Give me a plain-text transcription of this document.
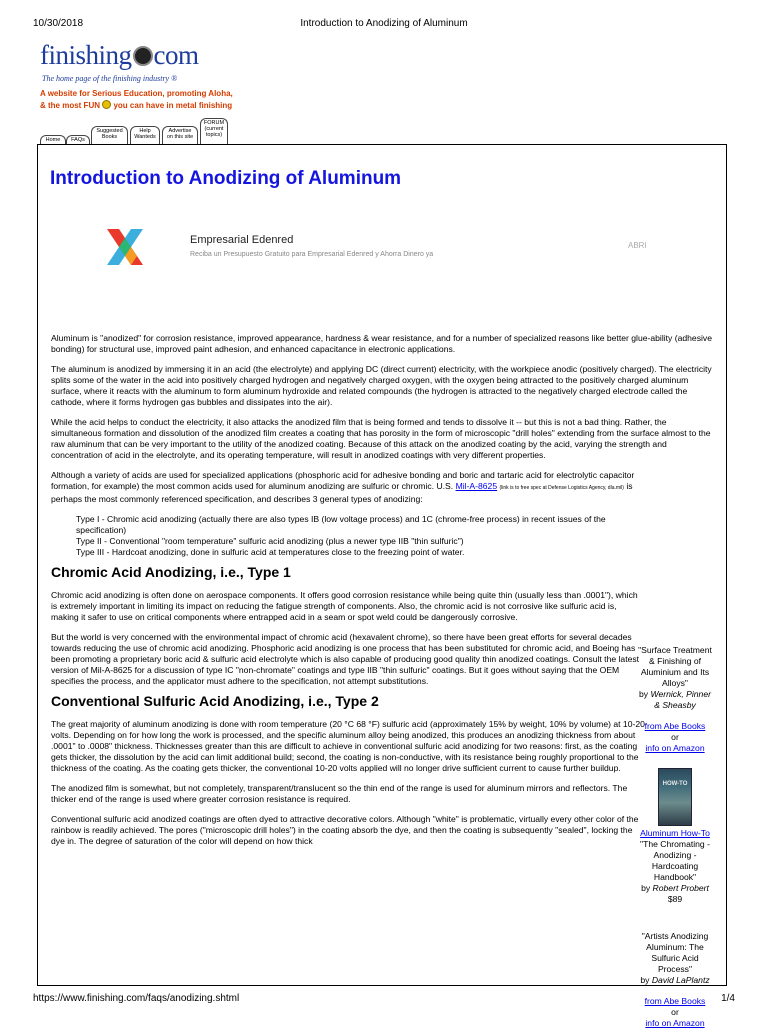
10/30/2018	Introduction to Anodizing of Aluminum
finishing com
The home page of the finishing industry ®
A website for Serious Education, promoting Aloha,
& the most FUN you can have in metal finishing
Home	FAQs
Suggested Books
Help Wanteds
Advertise on this site
FORUM (current topics)
Introduction to Anodizing of Aluminum
Empresarial Edenred
Reciba un Presupuesto Gratuito para Empresarial Edenred y Ahorra Dinero ya
ABRI

Aluminum is "anodized" for corrosion resistance, improved appearance, hardness & wear resistance, and for a number of specialized reasons like better glue-ability (adhesive bonding) for structural use, improved paint adhesion, and enhanced capacitance in electronic applications.

The aluminum is anodized by immersing it in an acid (the electrolyte) and applying DC (direct current) electricity, with the workpiece anodic (positively charged). The electricity splits some of the water in the acid into positively charged hydrogen and negatively charged oxygen, with the oxygen being attracted to the positively charged aluminum surface, where it reacts with the aluminum to form aluminum hydroxide and related compounds (the hydrogen is attracted to the negatively charged electrode called the cathode, where it forms hydrogen gas bubbles and dissipates into the air).

While the acid helps to conduct the electricity, it also attacks the anodized film that is being formed and tends to dissolve it -- but this is not a bad thing. Rather, the simultaneous formation and dissolution of the anodized film creates a coating that has porosity in the form of microscopic "drill holes" extending from the surface almost to the raw aluminum that can be very important to the utility of the anodized coating. Because of this attack on the anodized coating by the acid, varying the strength and concentration of acid in the electrolyte, and its operating temperature, will result in anodized coatings with very different properties.

Although a variety of acids are used for specialized applications (phosphoric acid for adhesive bonding and boric and tartaric acid for electrolytic capacitor formation, for example) the most common acids used for aluminum anodizing are sulfuric or chromic. U.S. Mil-A-8625 (link is to free spec at Defense Logistics Agency, dla.mil) is perhaps the most commonly referenced specification, and describes 3 general types of anodizing:

Type I - Chromic acid anodizing (actually there are also types IB (low voltage process) and 1C (chrome-free process) in recent issues of the specification)
Type II - Conventional "room temperature" sulfuric acid anodizing (plus a newer type IIB "thin sulfuric")
Type III - Hardcoat anodizing, done in sulfuric acid at temperatures close to the freezing point of water.
Chromic Acid Anodizing, i.e., Type 1

Chromic acid anodizing is often done on aerospace components. It offers good corrosion resistance while being quite thin (usually less than .0001"), which is extremely important in limiting its impact on reducing the fatigue strength of components. Also, the chromic acid is not corrosive like sulfuric acid is, making it safer to use on critical components where entrapped acid in a seam or spot weld could be dangerously corrosive.

But the world is very concerned with the environmental impact of chromic acid (hexavalent chrome), so there have been great efforts for several decades towards reducing the use of chromic acid anodizing. Phosphoric acid anodizing is one process that has been substituted for chromic acid, and Boeing has been promoting a proprietary boric acid & sulfuric acid electrolyte which is also capable of producing good quality thin anodized coatings. Consult the latest version of Mil-A-8625 for a discussion of type IC "non-chromate" coatings and type IIB "thin sulfuric" coatings. But it goes without saying that the OEM specifies the process, and the applicator must adhere to the specification, not attempt substitutions.

Conventional Sulfuric Acid Anodizing, i.e., Type 2

The great majority of aluminum anodizing is done with room temperature (20 °C 68 °F) sulfuric acid (approximately 15% by weight, 10% by volume) at 10-20 volts. Depending on for how long the work is processed, and the specific aluminum alloy being anodized, this produces an anodizing thickness from about .0001" to .0008" thickness. Thicknesses greater than this are difficult to achieve in conventional sulfuric acid anodizing for two reasons: first, as the coating gets thicker, the dissolution by the acid can limit additional build; second, the coating is non-conductive, with its resistance being roughly proportional to the thickness of the coating. As the coating gets thicker, the conventional 10-20 volts applied will no longer drive sufficient current to cause further buildup.

The anodized film is somewhat, but not completely, transparent/translucent so the thin end of the range is used for aluminum mirrors and reflectors. The thicker end of the range is used where greater corrosion resistance is required.

Conventional sulfuric acid anodized coatings are often dyed to attractive decorative colors. Although "white" is problematic, virtually every other color of the rainbow is readily achieved. The pores ("microscopic drill holes") in the coating absorb the dye, and then the coating is subsequently "sealed", locking the dye in. The degree of saturation of the color will depend on how thick

"Surface Treatment & Finishing of Aluminium and Its Alloys"
by Wernick, Pinner & Sheasby
from Abe Books
or
info on Amazon
HOW-TO
Aluminum How-To
"The Chromating - Anodizing - Hardcoating Handbook"
by Robert Probert
$89
"Artists Anodizing Aluminum: The Sulfuric Acid Process"
by David LaPlantz
from Abe Books
or
info on Amazon
https://www.finishing.com/faqs/anodizing.shtml	1/4
